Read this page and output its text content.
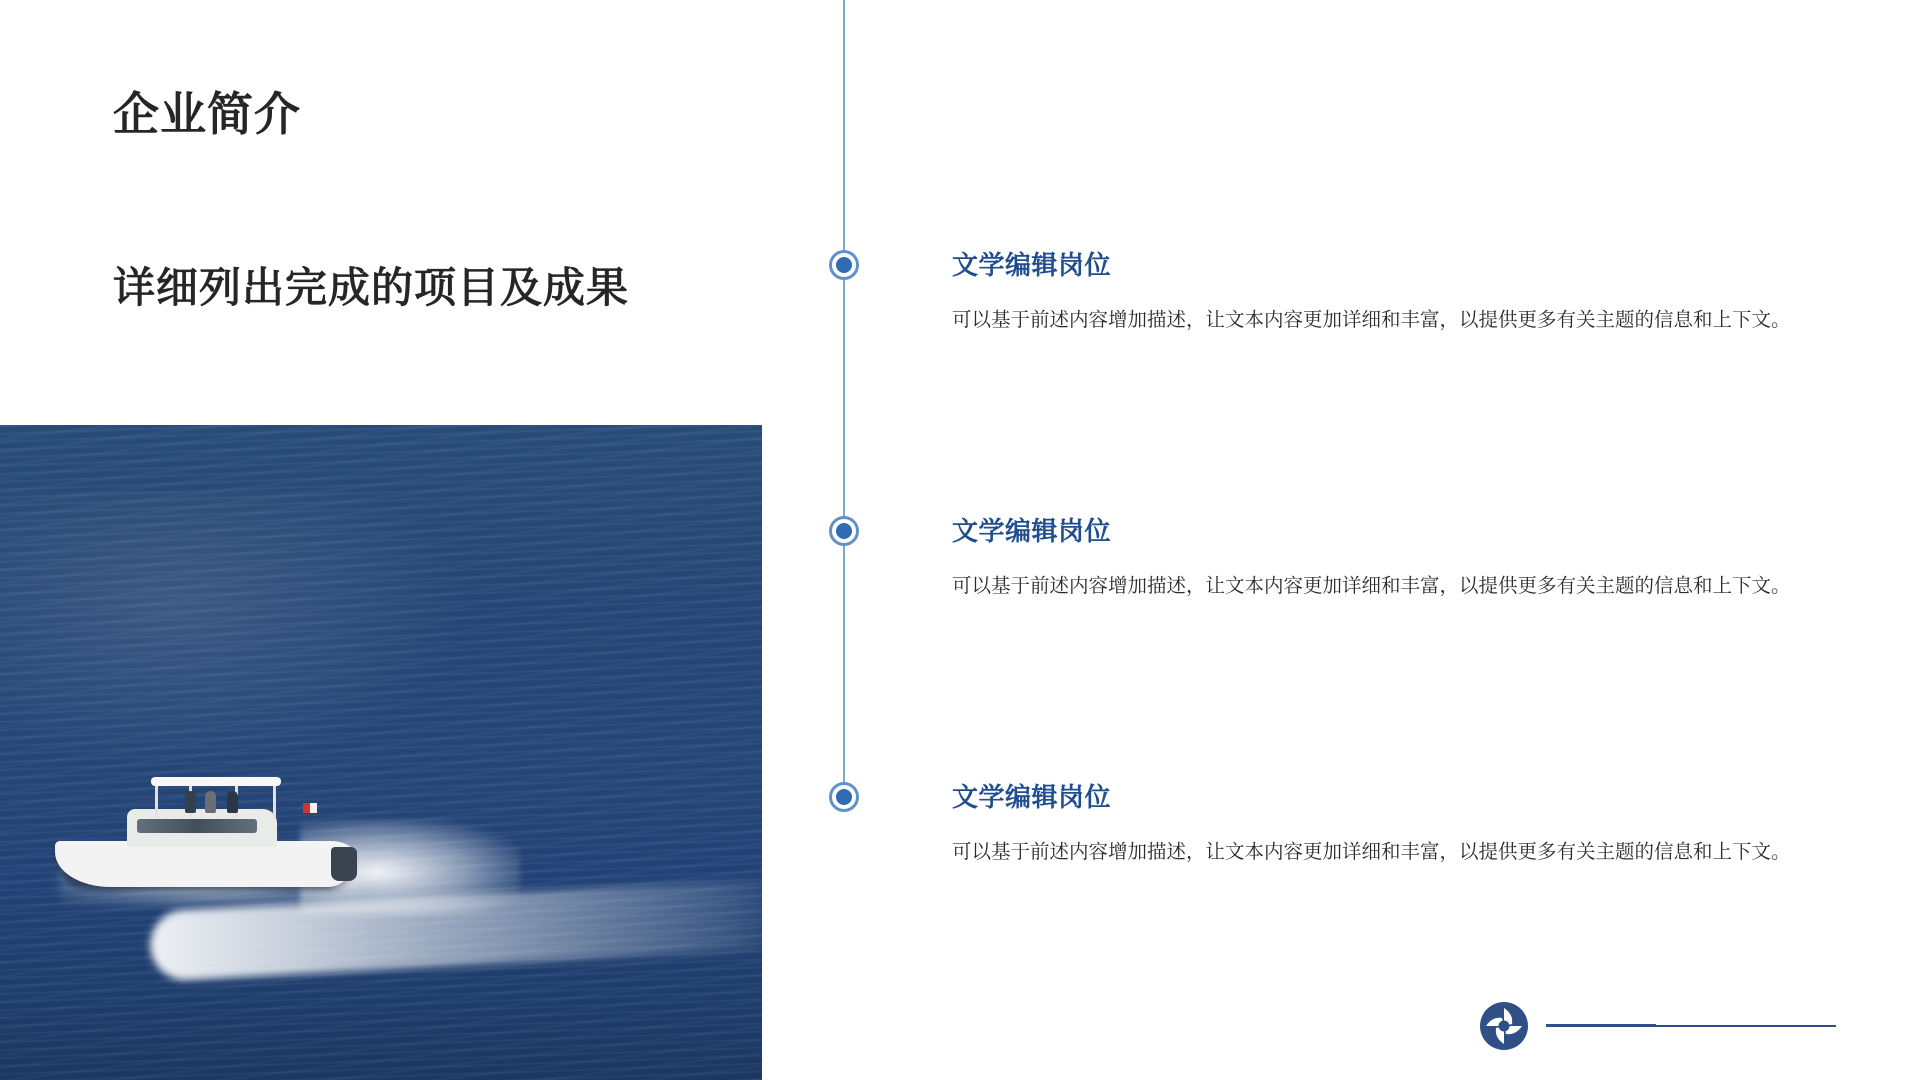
企业简介
详细列出完成的项目及成果	文学编辑岗位
可以基于前述内容增加描述，让文本内容更加详细和丰富，以提供更多有关主题的信息和上下文。
文学编辑岗位
可以基于前述内容增加描述，让文本内容更加详细和丰富，以提供更多有关主题的信息和上下文。
文学编辑岗位
可以基于前述内容增加描述，让文本内容更加详细和丰富，以提供更多有关主题的信息和上下文。
